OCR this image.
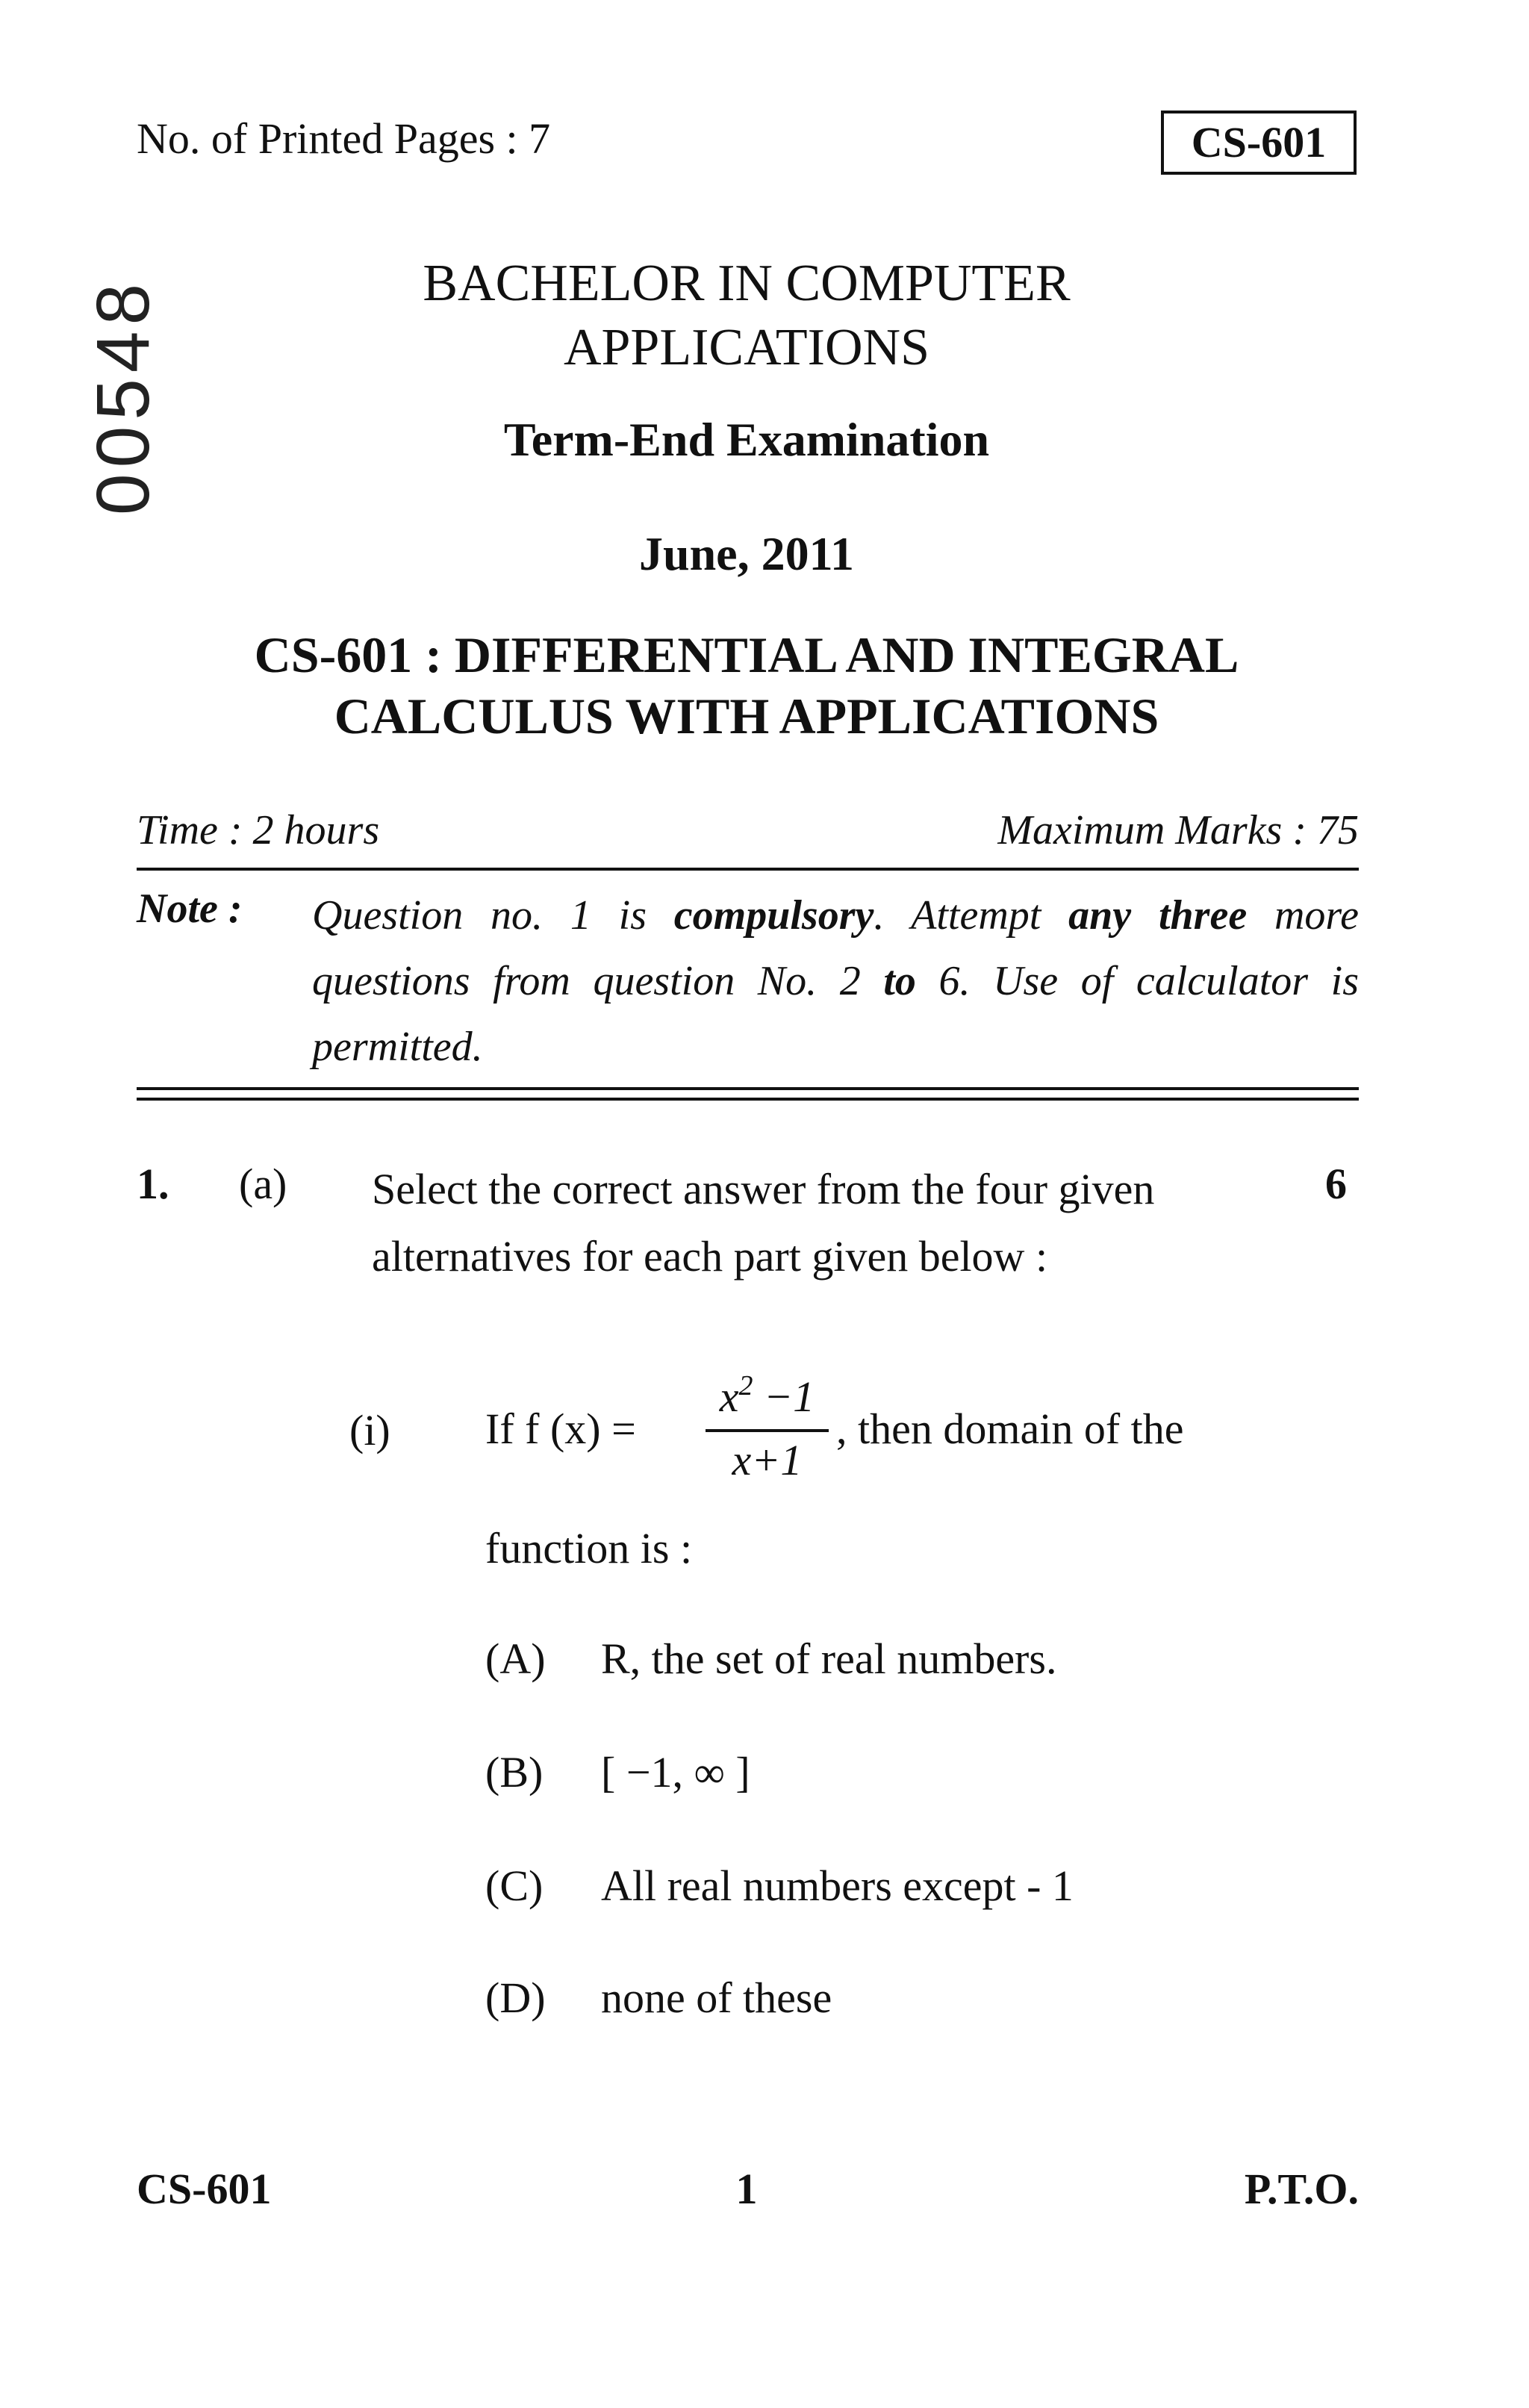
No. of Printed Pages : 7	CS-601
00548	BACHELOR IN COMPUTER
APPLICATIONS
Term-End Examination
June, 2011
CS-601 : DIFFERENTIAL AND INTEGRAL
CALCULUS WITH APPLICATIONS
Time : 2 hours	Maximum Marks : 75
Note : Question no. 1 is compulsory. Attempt any three more questions from question No. 2 to 6. Use of calculator is permitted.
1. (a) Select the correct answer from the four given alternatives for each part given below :
6
(i) If f (x) =
$x^2 -1$
x+1
, then domain of the
function is :
(A) R, the set of real numbers.
(B) [ −1, ∞ ]
(C) All real numbers except - 1
(D) none of these
CS-601	1	P.T.O.
